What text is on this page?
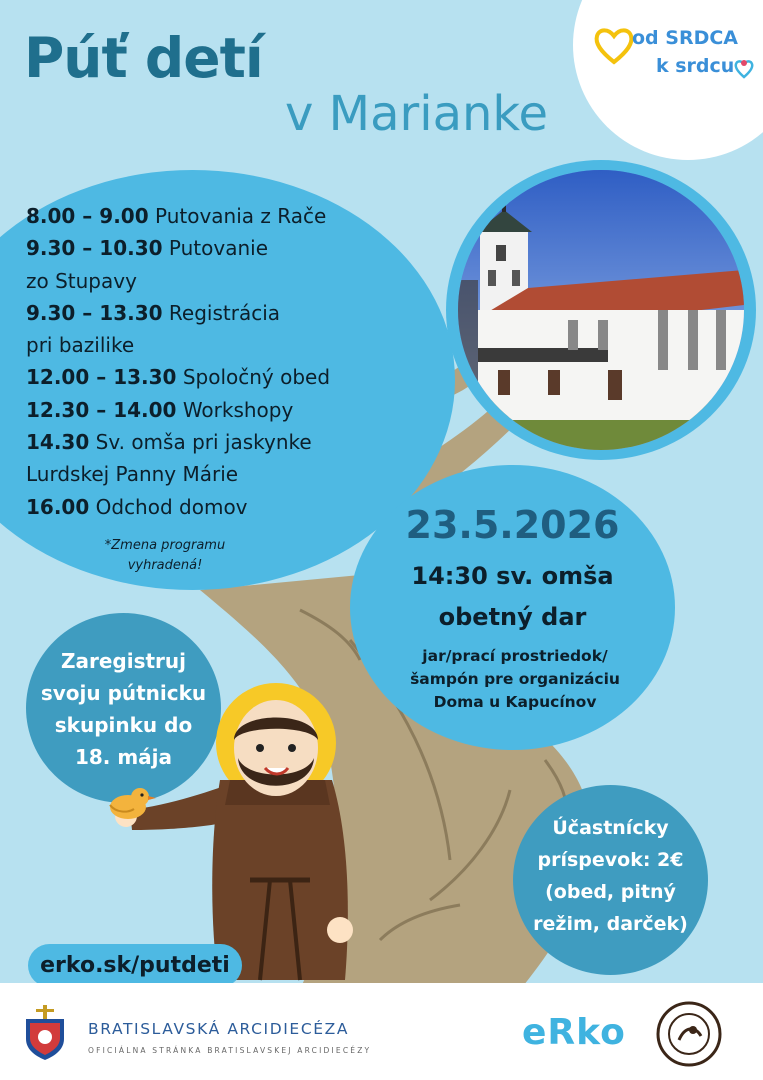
od SRDCA
k srdcu
Púť detí
v Marianke
8.00 – 9.00 Putovania z Rače
9.30 – 10.30 Putovanie
zo Stupavy
9.30 – 13.30 Registrácia
pri bazilike
12.00 – 13.30 Spoločný obed
12.30 – 14.00 Workshopy
14.30 Sv. omša pri jaskynke
Lurdskej Panny Márie
16.00 Odchod domov
*Zmena programu
vyhradená!
23.5.2026
14:30 sv. omša
obetný dar
jar/prací prostriedok/
šampón pre organizáciu
Doma u Kapucínov
Zaregistruj
svoju pútnicku
skupinku do
18. mája
Účastnícky
príspevok: 2€
(obed, pitný
režim, darček)
erko.sk/putdeti
BRATISLAVSKÁ ARCIDIECÉZA
OFICIÁLNA STRÁNKA BRATISLAVSKEJ ARCIDIECÉZY	eRko
